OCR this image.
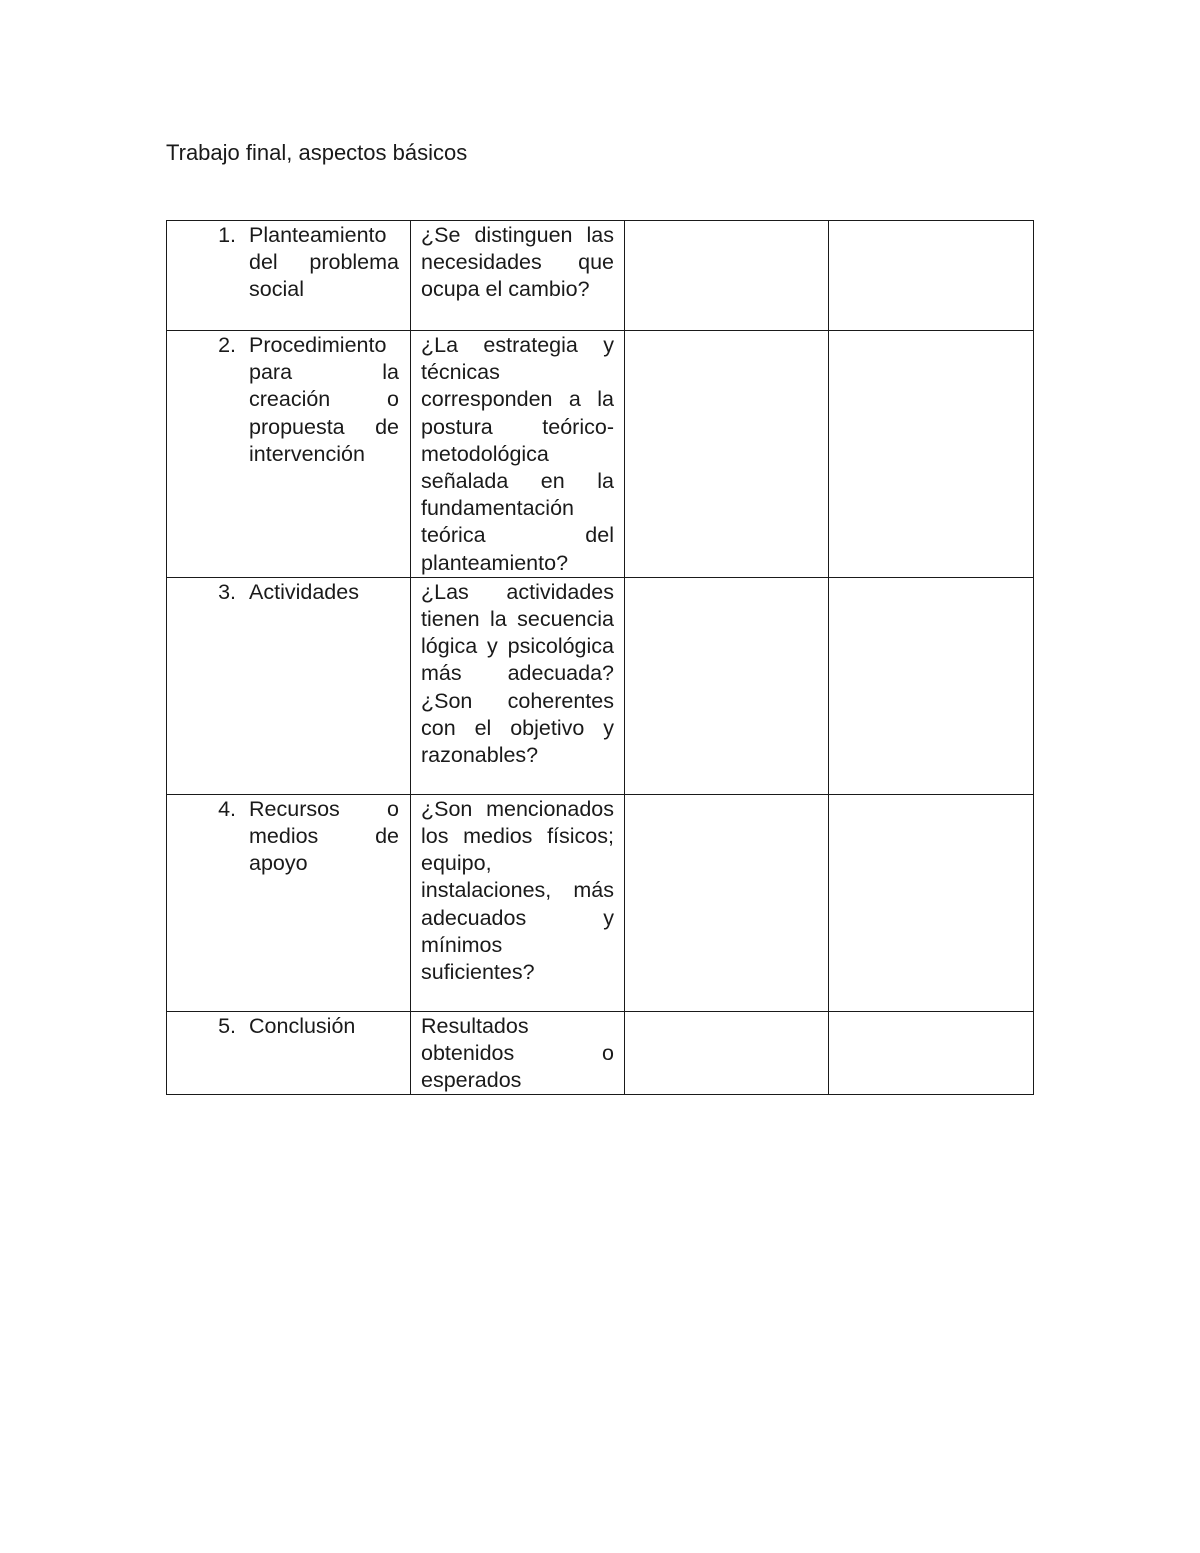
Trabajo final, aspectos básicos
1. Planteamiento del problema social	¿Se distinguen las necesidades que ocupa el cambio?		

2. Procedimiento para la creación o propuesta de intervención	¿La estrategia y técnicas corresponden a la postura teórico-metodológica señalada en la fundamentación teórica del planteamiento?		

3. Actividades	¿Las actividades tienen la secuencia lógica y psicológica más adecuada? ¿Son coherentes con el objetivo y razonables?		

4. Recursos o medios de apoyo	¿Son mencionados los medios físicos; equipo, instalaciones, más adecuados y mínimos suficientes?		

5. Conclusión	Resultados obtenidos o esperados		
